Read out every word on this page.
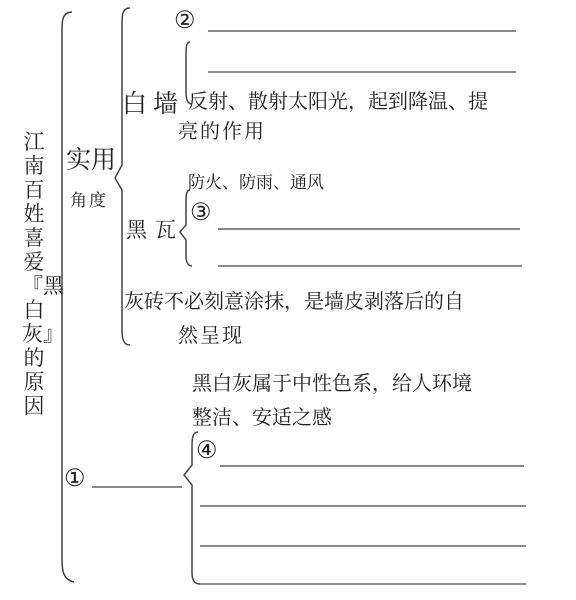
江南百姓喜爱『黑白灰』的原因
实用
角度
②
白墙 反射、散射太阳光，起到降温、提
亮的作用
防火、防雨、通风
黑瓦
③
灰砖不必刻意涂抹，是墙皮剥落后的自
然呈现
黑白灰属于中性色系，给人环境
整洁、安适之感
④
①
